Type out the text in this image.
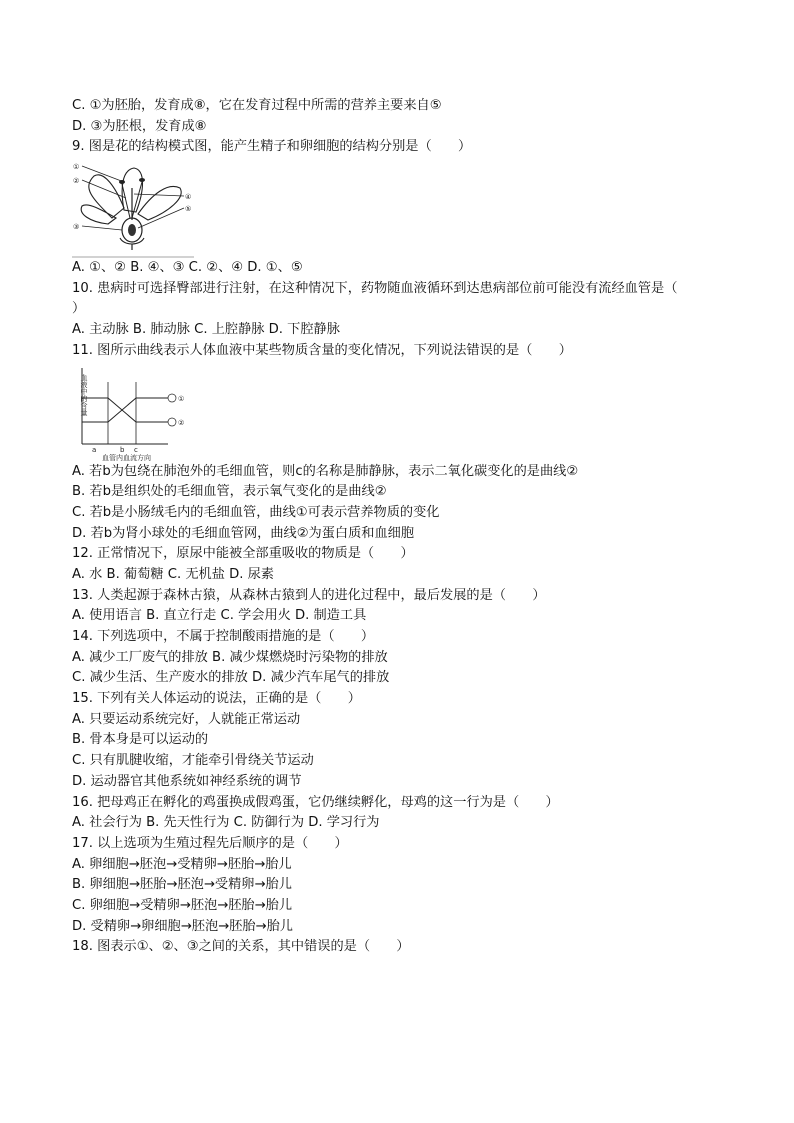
C. ①为胚胎，发育成⑧，它在发育过程中所需的营养主要来自⑤
D. ③为胚根，发育成⑧
9. 图是花的结构模式图，能产生精子和卵细胞的结构分别是（　　）
①
②
③
④
⑤
A. ①、② B. ④、③ C. ②、④ D. ①、⑤
10. 患病时可选择臀部进行注射，在这种情况下，药物随血液循环到达患病部位前可能没有流经血管是（
）
A. 主动脉 B. 肺动脉 C. 上腔静脉 D. 下腔静脉
11. 图所示曲线表示人体血液中某些物质含量的变化情况，下列说法错误的是（　　）
血液中的含量
a	b c
血管内血流方向
①
②
A. 若b为包绕在肺泡外的毛细血管，则c的名称是肺静脉，表示二氧化碳变化的是曲线②
B. 若b是组织处的毛细血管，表示氧气变化的是曲线②
C. 若b是小肠绒毛内的毛细血管，曲线①可表示营养物质的变化
D. 若b为肾小球处的毛细血管网，曲线②为蛋白质和血细胞
12. 正常情况下，原尿中能被全部重吸收的物质是（　　）
A. 水 B. 葡萄糖 C. 无机盐 D. 尿素
13. 人类起源于森林古猿，从森林古猿到人的进化过程中，最后发展的是（　　）
A. 使用语言 B. 直立行走 C. 学会用火 D. 制造工具
14. 下列选项中，不属于控制酸雨措施的是（　　）
A. 减少工厂废气的排放 B. 减少煤燃烧时污染物的排放
C. 减少生活、生产废水的排放 D. 减少汽车尾气的排放
15. 下列有关人体运动的说法，正确的是（　　）
A. 只要运动系统完好，人就能正常运动
B. 骨本身是可以运动的
C. 只有肌腱收缩，才能牵引骨绕关节运动
D. 运动器官其他系统如神经系统的调节
16. 把母鸡正在孵化的鸡蛋换成假鸡蛋，它仍继续孵化，母鸡的这一行为是（　　）
A. 社会行为 B. 先天性行为 C. 防御行为 D. 学习行为
17. 以上选项为生殖过程先后顺序的是（　　）
A. 卵细胞→胚泡→受精卵→胚胎→胎儿
B. 卵细胞→胚胎→胚泡→受精卵→胎儿
C. 卵细胞→受精卵→胚泡→胚胎→胎儿
D. 受精卵→卵细胞→胚泡→胚胎→胎儿
18. 图表示①、②、③之间的关系，其中错误的是（　　）
